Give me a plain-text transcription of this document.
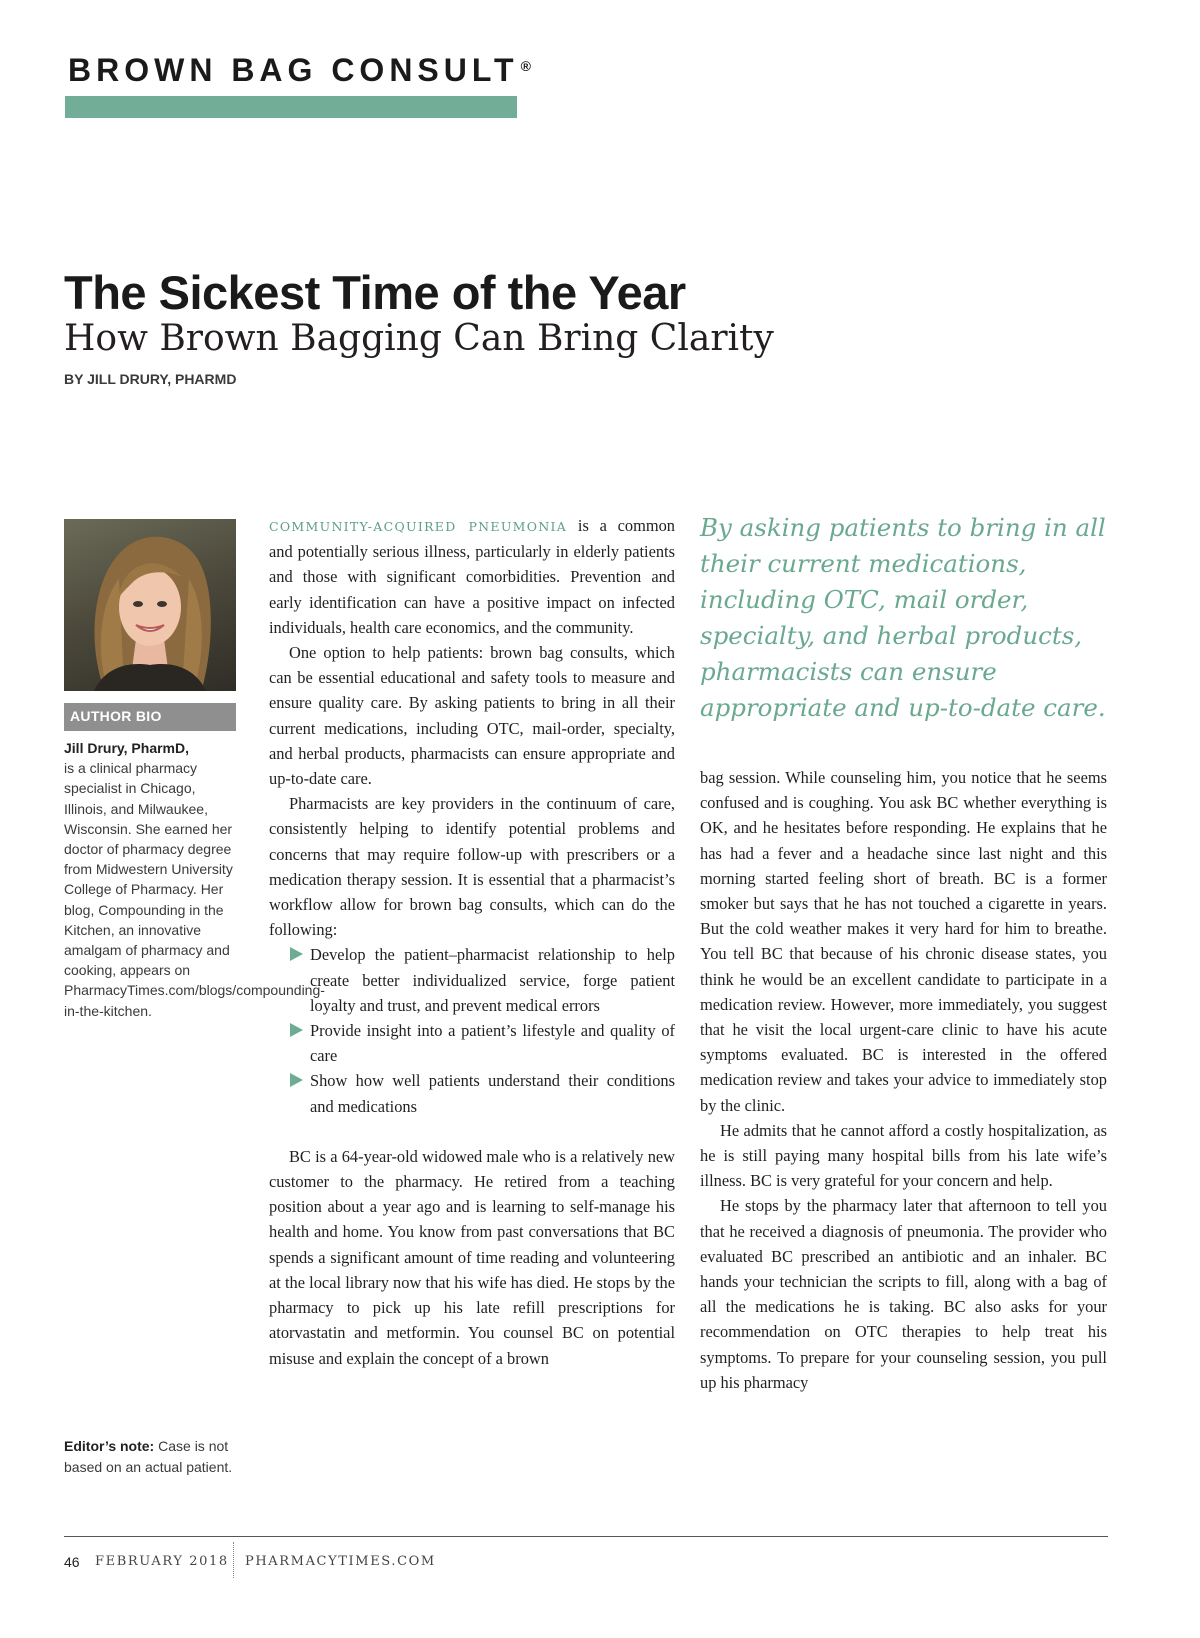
BROWN BAG CONSULT ®
The Sickest Time of the Year
How Brown Bagging Can Bring Clarity
BY JILL DRURY, PHARMD
AUTHOR BIO
Jill Drury, PharmD,
is a clinical pharmacy specialist in Chicago, Illinois, and Milwaukee, Wisconsin. She earned her doctor of pharmacy degree from Midwestern University College of Pharmacy. Her blog, Compounding in the Kitchen, an innovative amalgam of pharmacy and cooking, appears on PharmacyTimes.com/blogs/compounding-in-the-kitchen.
Editor’s note: Case is not based on an actual patient.

COMMUNITY-ACQUIRED PNEUMONIA is a common and potentially serious illness, particularly in elderly patients and those with significant comorbidities. Prevention and early identification can have a positive impact on infected individuals, health care economics, and the community.

One option to help patients: brown bag consults, which can be essential educational and safety tools to measure and ensure quality care. By asking patients to bring in all their current medications, including OTC, mail-order, specialty, and herbal products, pharmacists can ensure appropriate and up-to-date care.

Pharmacists are key providers in the continuum of care, consistently helping to identify potential problems and concerns that may require follow-up with prescribers or a medication therapy session. It is essential that a pharmacist’s workflow allow for brown bag consults, which can do the following:

Develop the patient–pharmacist relationship to help create better individualized service, forge patient loyalty and trust, and prevent medical errors
Provide insight into a patient’s lifestyle and quality of care
Show how well patients understand their conditions and medications

BC is a 64-year-old widowed male who is a relatively new customer to the pharmacy. He retired from a teaching position about a year ago and is learning to self-manage his health and home. You know from past conversations that BC spends a significant amount of time reading and volunteering at the local library now that his wife has died. He stops by the pharmacy to pick up his late refill prescriptions for atorvastatin and metformin. You counsel BC on potential misuse and explain the concept of a brown

By asking patients to bring in all their current medications, including OTC, mail order, specialty, and herbal products, pharmacists can ensure appropriate and up-to-date care.

bag session. While counseling him, you notice that he seems confused and is coughing. You ask BC whether everything is OK, and he hesitates before responding. He explains that he has had a fever and a headache since last night and this morning started feeling short of breath. BC is a former smoker but says that he has not touched a cigarette in years. But the cold weather makes it very hard for him to breathe. You tell BC that because of his chronic disease states, you think he would be an excellent candidate to participate in a medication review. However, more immediately, you suggest that he visit the local urgent-care clinic to have his acute symptoms evaluated. BC is interested in the offered medication review and takes your advice to immediately stop by the clinic.

He admits that he cannot afford a costly hospitalization, as he is still paying many hospital bills from his late wife’s illness. BC is very grateful for your concern and help.

He stops by the pharmacy later that afternoon to tell you that he received a diagnosis of pneumonia. The provider who evaluated BC prescribed an antibiotic and an inhaler. BC hands your technician the scripts to fill, along with a bag of all the medications he is taking. BC also asks for your recommendation on OTC therapies to help treat his symptoms. To prepare for your counseling session, you pull up his pharmacy

46 FEBRUARY 2018 PHARMACYTIMES.COM
